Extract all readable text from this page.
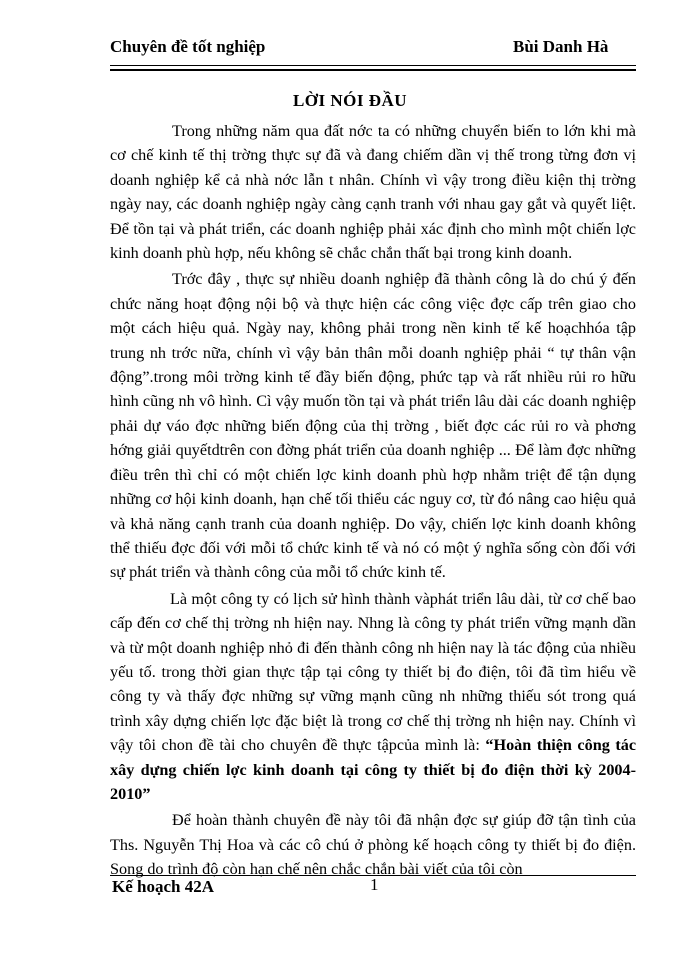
Chuyên đề tốt nghiệp	Bùi Danh Hà
LỜI NÓI ĐẦU

Trong những năm qua đất nớc ta có những chuyển biến to lớn khi mà cơ chế kinh tế thị trờng thực sự đã và đang chiếm dần vị thế trong từng đơn vị doanh nghiệp kể cả nhà nớc lẫn t nhân. Chính vì vậy trong điều kiện thị trờng ngày nay, các doanh nghiệp ngày càng cạnh tranh với nhau gay gắt và quyết liệt. Để tồn tại và phát triển, các doanh nghiệp phải xác định cho mình một chiến lợc kinh doanh phù hợp, nếu không sẽ chắc chắn thất bại trong kinh doanh.

Trớc đây , thực sự nhiều doanh nghiệp đã thành công là do chú ý đến chức năng hoạt động nội bộ và thực hiện các công việc đợc cấp trên giao cho một cách hiệu quả. Ngày nay, không phải trong nền kinh tế kế hoạchhóa tập trung nh trớc nữa, chính vì vậy bản thân mỗi doanh nghiệp phải “ tự thân vận động”.trong môi trờng kinh tế đầy biến động, phức tạp và rất nhiều rủi ro hữu hình cũng nh vô hình. Cì vậy muốn tồn tại và phát triển lâu dài các doanh nghiệp phải dự váo đợc những biến động của thị trờng , biết đợc các rủi ro và phơng hớng giải quyếtdtrên con đờng phát triển của doanh nghiệp ... Để làm đợc những điều trên thì chỉ có một chiến lợc kinh doanh phù hợp nhằm triệt để tận dụng những cơ hội kinh doanh, hạn chế tối thiểu các nguy cơ, từ đó nâng cao hiệu quả và khả năng cạnh tranh của doanh nghiệp. Do vậy, chiến lợc kinh doanh không thể thiếu đợc đối với mỗi tổ chức kinh tế và nó có một ý nghĩa sống còn đối với sự phát triển và thành công của mỗi tổ chức kinh tế.

Là một công ty có lịch sử hình thành vàphát triển lâu dài, từ cơ chế bao cấp đến cơ chế thị trờng nh hiện nay. Nhng là công ty phát triển vững mạnh dần và từ một doanh nghiệp nhỏ đi đến thành công nh hiện nay là tác động của nhiều yếu tố. trong thời gian thực tập tại công ty thiết bị đo điện, tôi đã tìm hiểu về công ty và thấy đợc những sự vững mạnh cũng nh những thiếu sót trong quá trình xây dựng chiến lợc đặc biệt là trong cơ chế thị trờng nh hiện nay. Chính vì vậy tôi chon đề tài cho chuyên đề thực tậpcủa mình là: “Hoàn thiện công tác xây dựng chiến lợc kinh doanh tại công ty thiết bị đo điện thời kỳ 2004-2010”

Để hoàn thành chuyên đề này tôi đã nhận đợc sự giúp đỡ tận tình của Ths. Nguyễn Thị Hoa và các cô chú ở phòng kế hoạch công ty thiết bị đo điện. Song do trình độ còn hạn chế nên chắc chắn bài viết của tôi còn

Kế hoạch 42A	1
